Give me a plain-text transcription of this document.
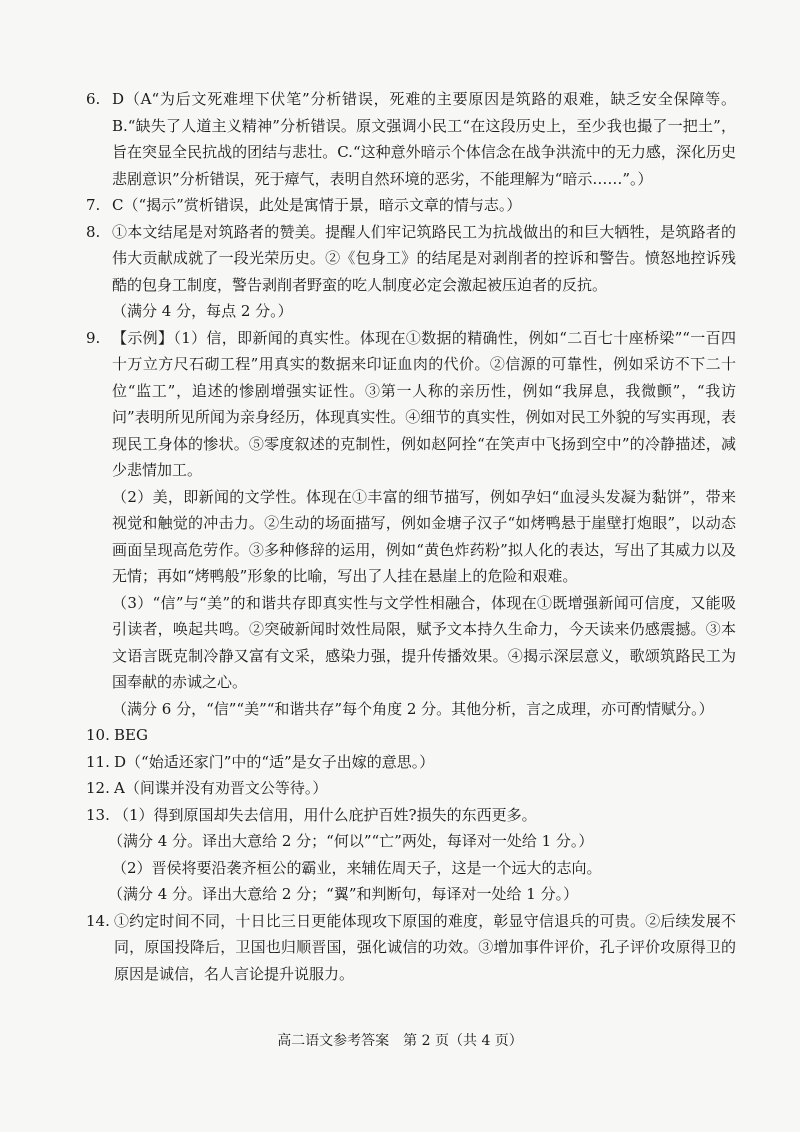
6. D（A“为后文死难埋下伏笔”分析错误，死难的主要原因是筑路的艰难，缺乏安全保障等。B.“缺失了人道主义精神”分析错误。原文强调小民工“在这段历史上，至少我也撮了一把土”，旨在突显全民抗战的团结与悲壮。C.“这种意外暗示个体信念在战争洪流中的无力感，深化历史悲剧意识”分析错误，死于瘴气，表明自然环境的恶劣，不能理解为“暗示……”。）
7. C（“揭示”赏析错误，此处是寓情于景，暗示文章的情与志。）
8. ①本文结尾是对筑路者的赞美。提醒人们牢记筑路民工为抗战做出的和巨大牺牲，是筑路者的伟大贡献成就了一段光荣历史。②《包身工》的结尾是对剥削者的控诉和警告。愤怒地控诉残酷的包身工制度，警告剥削者野蛮的吃人制度必定会激起被压迫者的反抗。
（满分 4 分，每点 2 分。）
9. 【示例】（1）信，即新闻的真实性。体现在①数据的精确性，例如“二百七十座桥梁”“一百四十万立方尺石砌工程”用真实的数据来印证血肉的代价。②信源的可靠性，例如采访不下二十位“监工”，追述的惨剧增强实证性。③第一人称的亲历性，例如“我屏息，我微颤”，“我访问”表明所见所闻为亲身经历，体现真实性。④细节的真实性，例如对民工外貌的写实再现，表现民工身体的惨状。⑤零度叙述的克制性，例如赵阿拴“在笑声中飞扬到空中”的冷静描述，减少悲情加工。
（2）美，即新闻的文学性。体现在①丰富的细节描写，例如孕妇“血浸头发凝为黏饼”，带来视觉和触觉的冲击力。②生动的场面描写，例如金塘子汉子“如烤鸭悬于崖壁打炮眼”，以动态画面呈现高危劳作。③多种修辞的运用，例如“黄色炸药粉”拟人化的表达，写出了其威力以及无情；再如“烤鸭般”形象的比喻，写出了人挂在悬崖上的危险和艰难。
（3）“信”与“美”的和谐共存即真实性与文学性相融合，体现在①既增强新闻可信度，又能吸引读者，唤起共鸣。②突破新闻时效性局限，赋予文本持久生命力，今天读来仍感震撼。③本文语言既克制冷静又富有文采，感染力强，提升传播效果。④揭示深层意义，歌颂筑路民工为国奉献的赤诚之心。
（满分 6 分，“信”“美”“和谐共存”每个角度 2 分。其他分析，言之成理，亦可酌情赋分。）
10. BEG
11. D（“始适还家门”中的“适”是女子出嫁的意思。）
12. A（间谍并没有劝晋文公等待。）
13. （1）得到原国却失去信用，用什么庇护百姓?损失的东西更多。
（满分 4 分。译出大意给 2 分；“何以”“亡”两处，每译对一处给 1 分。）
（2）晋侯将要沿袭齐桓公的霸业，来辅佐周天子，这是一个远大的志向。
（满分 4 分。译出大意给 2 分；“翼”和判断句，每译对一处给 1 分。）
14. ①约定时间不同，十日比三日更能体现攻下原国的难度，彰显守信退兵的可贵。②后续发展不同，原国投降后，卫国也归顺晋国，强化诚信的功效。③增加事件评价，孔子评价攻原得卫的原因是诚信，名人言论提升说服力。
高二语文参考答案　第 2 页（共 4 页）
